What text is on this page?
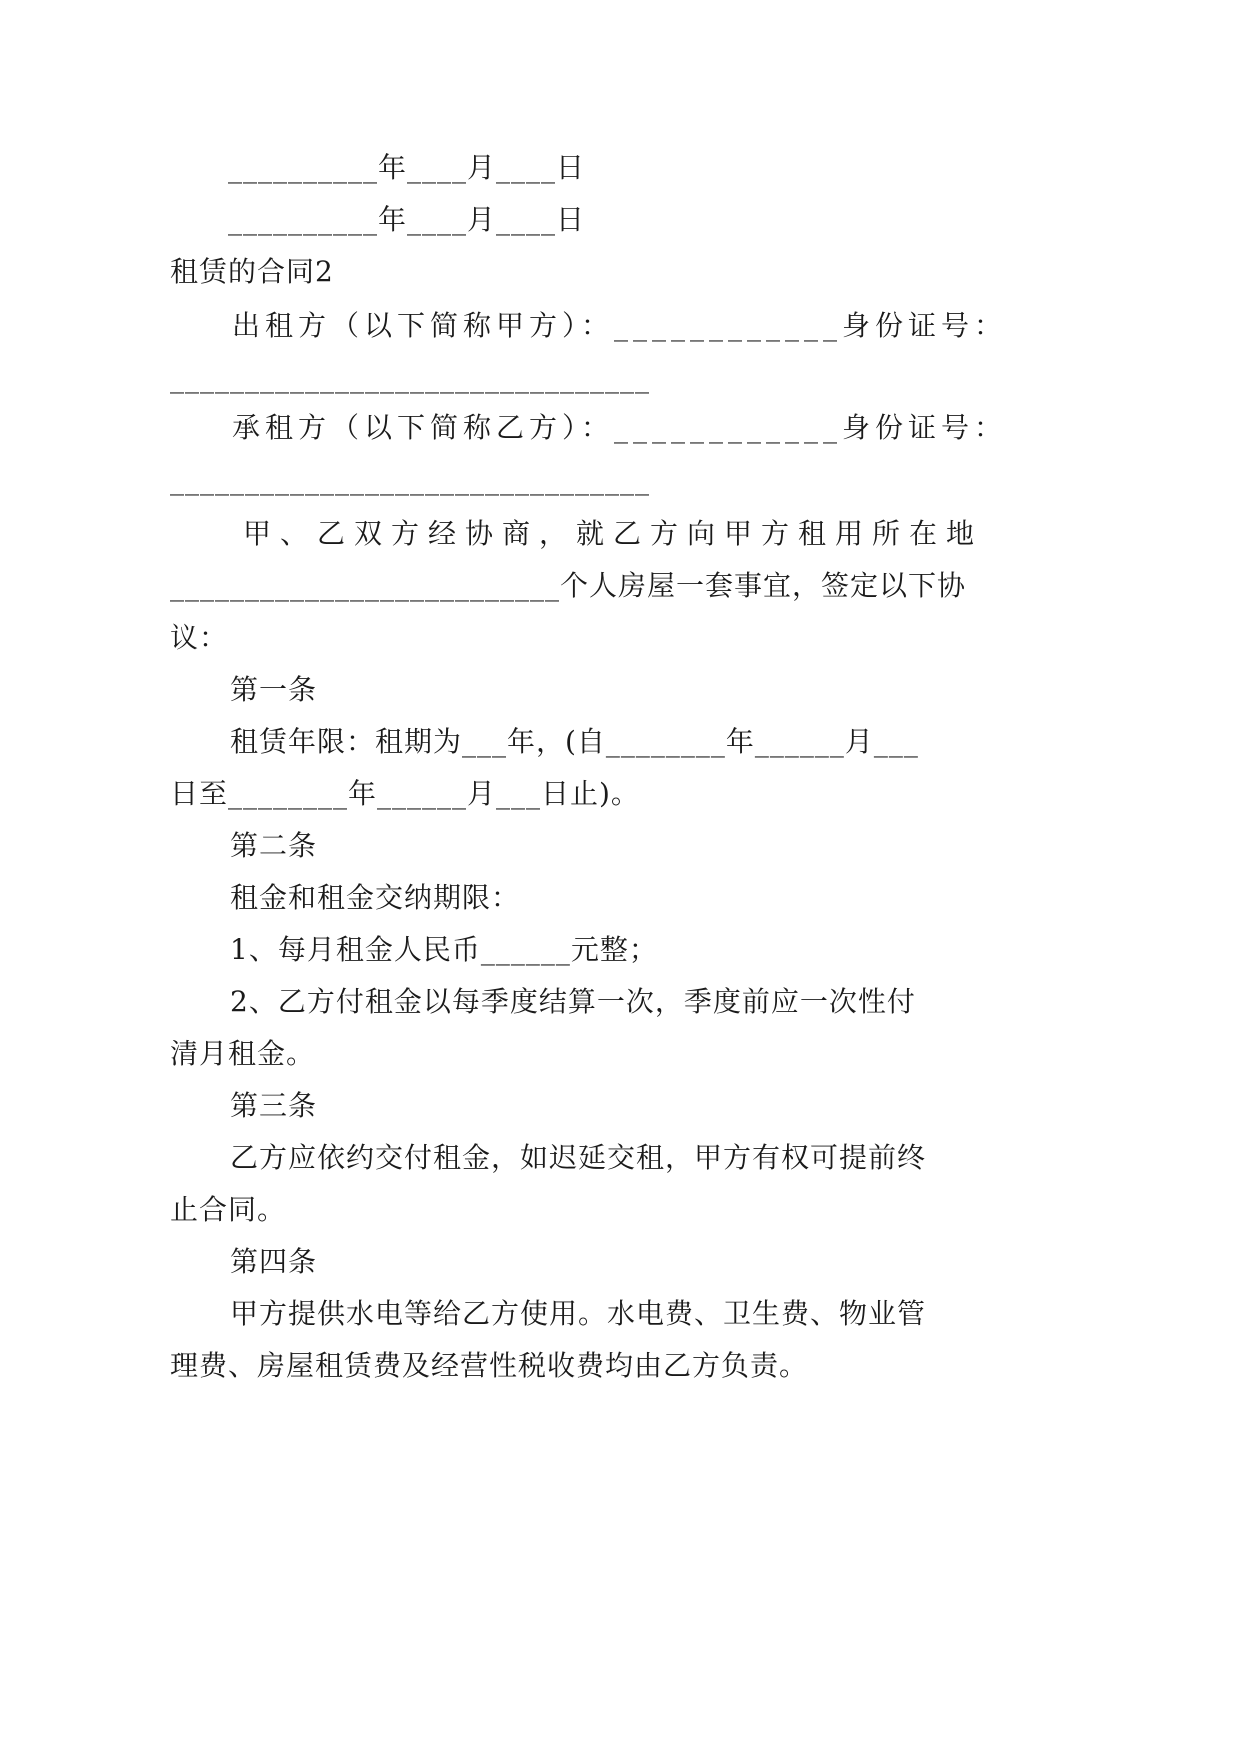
__________年____月____日
__________年____月____日
租赁的合同2
出租方（以下简称甲方）：____________身份证号：
________________________________
承租方（以下简称乙方）：____________身份证号：
________________________________
甲、乙双方经协商，就乙方向甲方租用所在地
__________________________个人房屋一套事宜，签定以下协
议：
第一条
租赁年限：租期为___年，(自________年______月___
日至________年______月___日止)。
第二条
租金和租金交纳期限：
1、每月租金人民币______元整；
2、乙方付租金以每季度结算一次，季度前应一次性付
清月租金。
第三条
乙方应依约交付租金，如迟延交租，甲方有权可提前终
止合同。
第四条
甲方提供水电等给乙方使用。水电费、卫生费、物业管
理费、房屋租赁费及经营性税收费均由乙方负责。
